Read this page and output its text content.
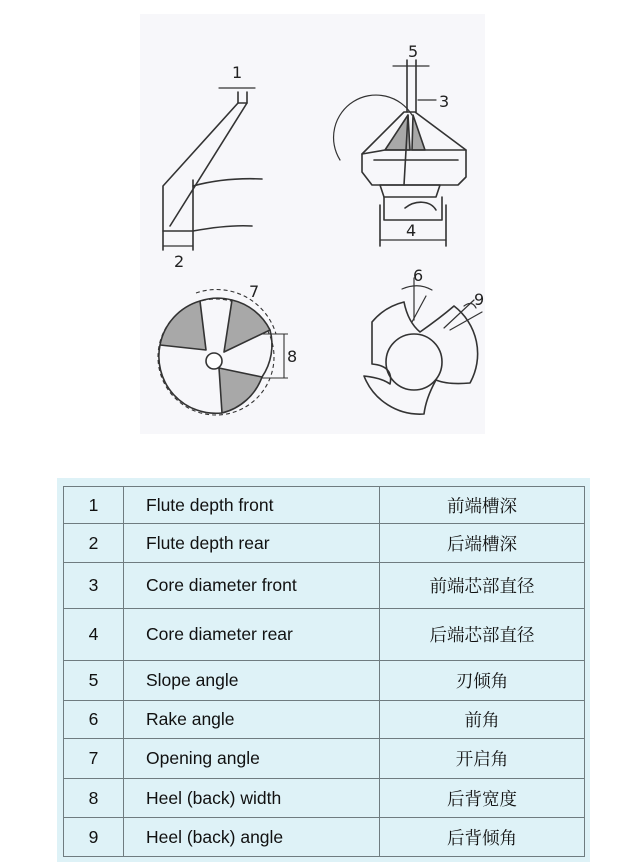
1
2
3
4
5
6
7
8
9
1	Flute depth front	前端槽深
2	Flute depth rear	后端槽深
3	Core diameter front	前端芯部直径
4	Core diameter rear	后端芯部直径
5	Slope angle	刃倾角
6	Rake angle	前角
7	Opening angle	开启角
8	Heel (back) width	后背宽度
9	Heel (back) angle	后背倾角
